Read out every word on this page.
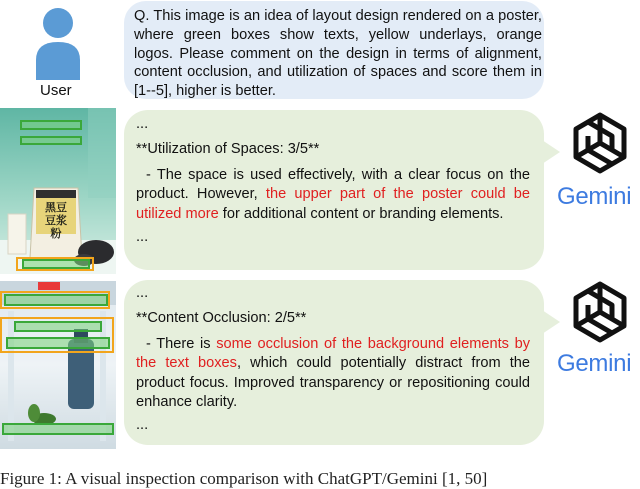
User

Q. This image is an idea of layout design rendered on a poster, where green boxes show texts, yellow underlays, orange logos. Please comment on the design in terms of alignment, content occlusion, and utilization of spaces and score them in [1--5], higher is better.

黑豆豆浆粉

...

**Utilization of Spaces: 3/5**

- The space is used effectively, with a clear focus on the product. However, the upper part of the poster could be utilized more for additional content or branding elements.

...

Gemini

...

**Content Occlusion: 2/5**

- There is some occlusion of the background elements by the text boxes, which could potentially distract from the product focus. Improved transparency or repositioning could enhance clarity.

...

Gemini
Figure 1: A visual inspection comparison with ChatGPT/Gemini [1, 50]
